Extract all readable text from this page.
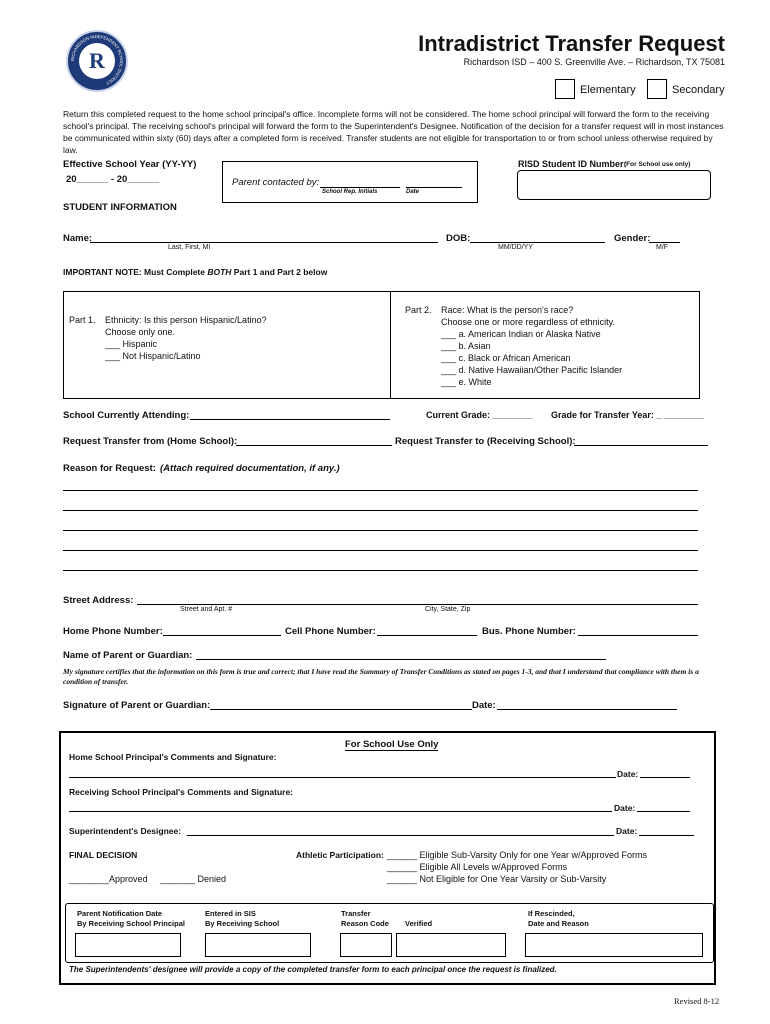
R
RICHARDSON INDEPENDENT SCHOOL DISTRICT
Intradistrict Transfer Request
Richardson ISD – 400 S. Greenville Ave. – Richardson, TX 75081
Elementary	Secondary
Return this completed request to the home school principal's office. Incomplete forms will not be considered. The home school principal will forward the form to the receiving school's principal. The receiving school's principal will forward the form to the Superintendent's Designee. Notification of the decision for a transfer request will in most instances be communicated within sixty (60) days after a completed form is received. Transfer students are not eligible for transportation to or from school unless otherwise required by law.
Effective School Year (YY-YY)
20______ - 20______	Parent contacted by:
School Rep. Initials	Date
RISD Student ID Number:
(For School use only)
STUDENT INFORMATION
Name:
Last, First, MI
DOB:
MM/DD/YY
Gender:
M/F
IMPORTANT NOTE: Must Complete BOTH Part 1 and Part 2 below
Part 1. Ethnicity: Is this person Hispanic/Latino?
Choose only one.
___ Hispanic
___ Not Hispanic/Latino
Part 2. Race: What is the person's race?
Choose one or more regardless of ethnicity.
___ a. American Indian or Alaska Native
___ b. Asian
___ c. Black or African American
___ d. Native Hawaiian/Other Pacific Islander
___ e. White
School Currently Attending:	Current Grade: ________ Grade for Transfer Year: _ ________
Request Transfer from (Home School):	Request Transfer to (Receiving School):
Reason for Request: (Attach required documentation, if any.)
Street Address:
Street and Apt. #	City, State, Zip
Home Phone Number:	Cell Phone Number:	Bus. Phone Number:
Name of Parent or Guardian:
My signature certifies that the information on this form is true and correct; that I have read the Summary of Transfer Conditions as stated on pages 1-3, and that I understand that compliance with them is a condition of transfer.
Signature of Parent or Guardian:	Date:
For School Use Only
Home School Principal's Comments and Signature:
Date:
Receiving School Principal's Comments and Signature:
Date:
Superintendent's Designee:	Date:
FINAL DECISION
________Approved _______ Denied
Athletic Participation: ______ Eligible Sub-Varsity Only for one Year w/Approved Forms
______ Eligible All Levels w/Approved Forms
______ Not Eligible for One Year Varsity or Sub-Varsity
Parent Notification Date
By Receiving School Principal
Entered in SIS
By Receiving School
Transfer
Reason Code Verified
If Rescinded,
Date and Reason
The Superintendents' designee will provide a copy of the completed transfer form to each principal once the request is finalized.
Revised 8-12
